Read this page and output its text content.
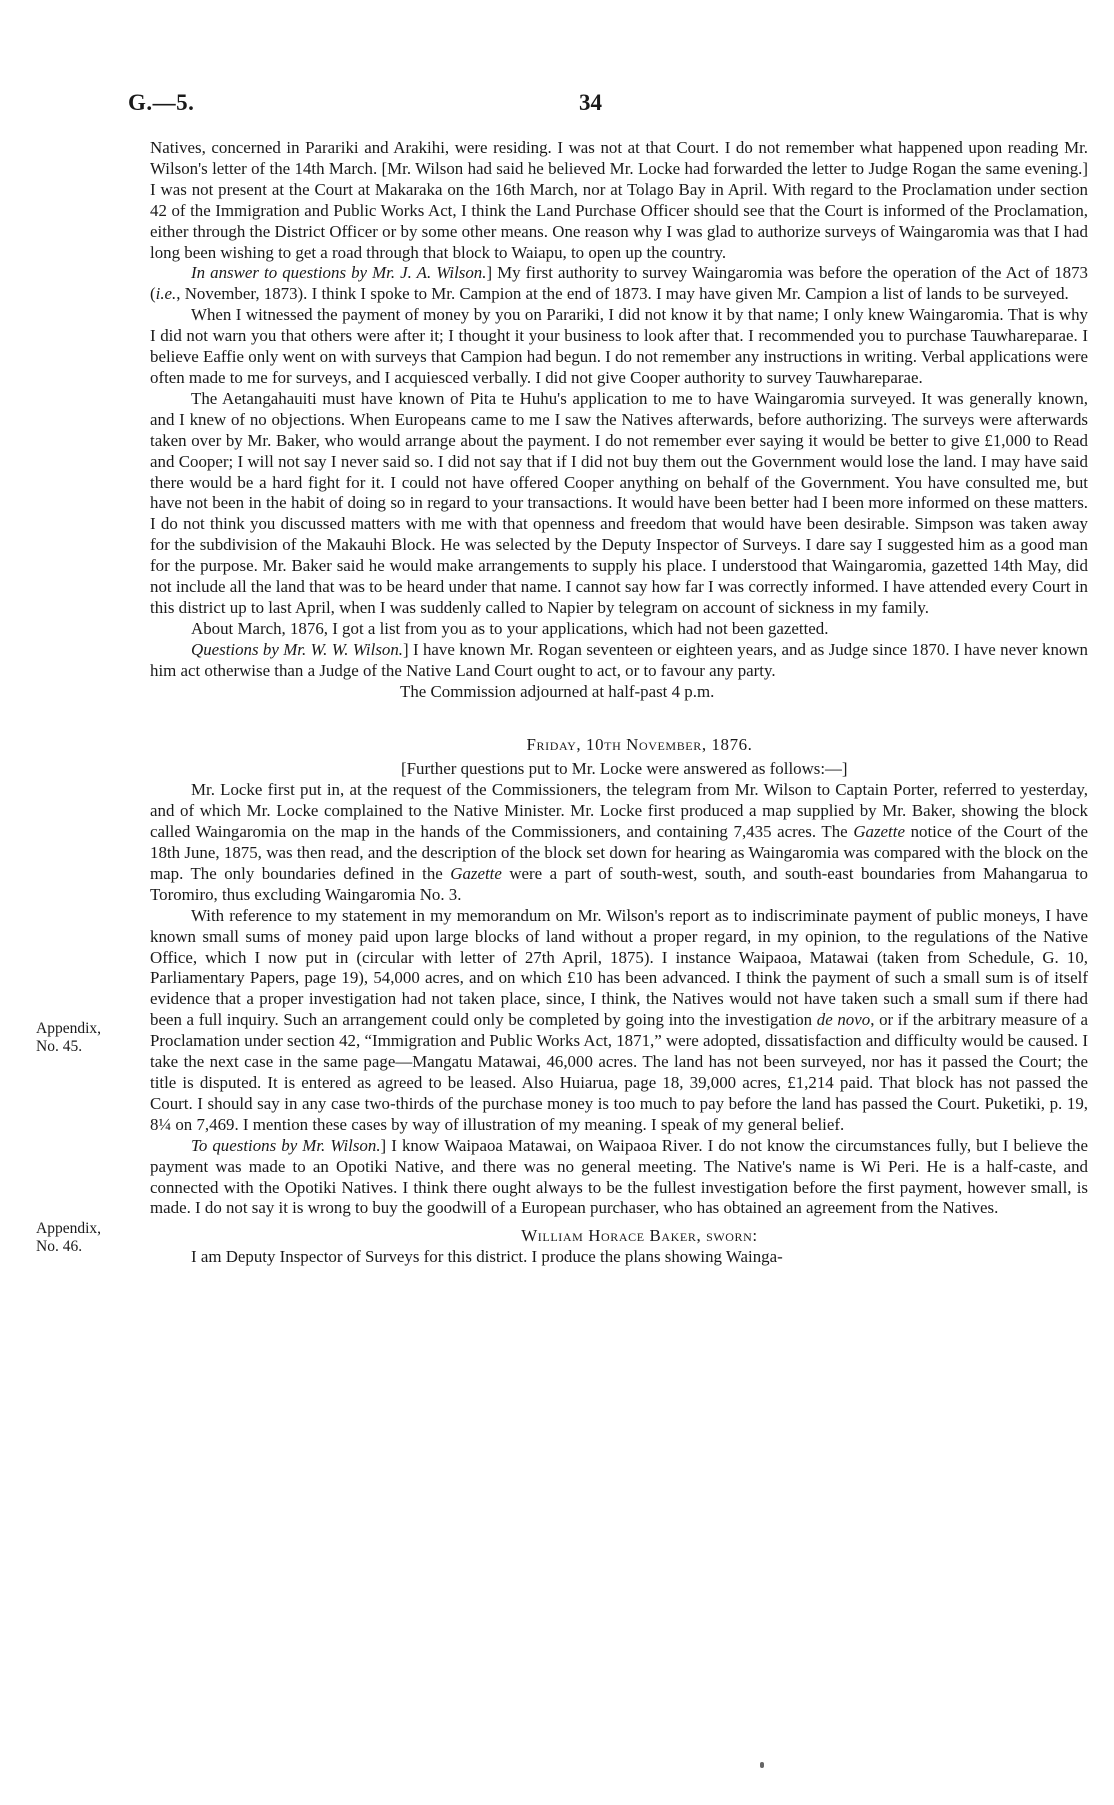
G.—5.	34
Appendix,
No. 45.
Appendix,
No. 46.

Natives, concerned in Parariki and Arakihi, were residing. I was not at that Court. I do not remember what happened upon reading Mr. Wilson's letter of the 14th March. [Mr. Wilson had said he believed Mr. Locke had forwarded the letter to Judge Rogan the same evening.] I was not present at the Court at Makaraka on the 16th March, nor at Tolago Bay in April. With regard to the Proclamation under section 42 of the Immigration and Public Works Act, I think the Land Purchase Officer should see that the Court is informed of the Proclamation, either through the District Officer or by some other means. One reason why I was glad to authorize surveys of Waingaromia was that I had long been wishing to get a road through that block to Waiapu, to open up the country.

In answer to questions by Mr. J. A. Wilson.] My first authority to survey Waingaromia was before the operation of the Act of 1873 (i.e., November, 1873). I think I spoke to Mr. Campion at the end of 1873. I may have given Mr. Campion a list of lands to be surveyed.

When I witnessed the payment of money by you on Parariki, I did not know it by that name; I only knew Waingaromia. That is why I did not warn you that others were after it; I thought it your business to look after that. I recommended you to purchase Tauwhareparae. I believe Eaffie only went on with surveys that Campion had begun. I do not remember any instructions in writing. Verbal applications were often made to me for surveys, and I acquiesced verbally. I did not give Cooper authority to survey Tauwhareparae.

The Aetangahauiti must have known of Pita te Huhu's application to me to have Waingaromia surveyed. It was generally known, and I knew of no objections. When Europeans came to me I saw the Natives afterwards, before authorizing. The surveys were afterwards taken over by Mr. Baker, who would arrange about the payment. I do not remember ever saying it would be better to give £1,000 to Read and Cooper; I will not say I never said so. I did not say that if I did not buy them out the Government would lose the land. I may have said there would be a hard fight for it. I could not have offered Cooper anything on behalf of the Government. You have consulted me, but have not been in the habit of doing so in regard to your transactions. It would have been better had I been more informed on these matters. I do not think you discussed matters with me with that openness and freedom that would have been desirable. Simpson was taken away for the subdivision of the Makauhi Block. He was selected by the Deputy Inspector of Surveys. I dare say I suggested him as a good man for the purpose. Mr. Baker said he would make arrangements to supply his place. I understood that Waingaromia, gazetted 14th May, did not include all the land that was to be heard under that name. I cannot say how far I was correctly informed. I have attended every Court in this district up to last April, when I was suddenly called to Napier by telegram on account of sickness in my family.

About March, 1876, I got a list from you as to your applications, which had not been gazetted.

Questions by Mr. W. W. Wilson.] I have known Mr. Rogan seventeen or eighteen years, and as Judge since 1870. I have never known him act otherwise than a Judge of the Native Land Court ought to act, or to favour any party.

The Commission adjourned at half-past 4 p.m.

Friday, 10th November, 1876.

[Further questions put to Mr. Locke were answered as follows:—]

Mr. Locke first put in, at the request of the Commissioners, the telegram from Mr. Wilson to Captain Porter, referred to yesterday, and of which Mr. Locke complained to the Native Minister. Mr. Locke first produced a map supplied by Mr. Baker, showing the block called Waingaromia on the map in the hands of the Commissioners, and containing 7,435 acres. The Gazette notice of the Court of the 18th June, 1875, was then read, and the description of the block set down for hearing as Waingaromia was compared with the block on the map. The only boundaries defined in the Gazette were a part of south-west, south, and south-east boundaries from Mahangarua to Toromiro, thus excluding Waingaromia No. 3.

With reference to my statement in my memorandum on Mr. Wilson's report as to indiscriminate payment of public moneys, I have known small sums of money paid upon large blocks of land without a proper regard, in my opinion, to the regulations of the Native Office, which I now put in (circular with letter of 27th April, 1875). I instance Waipaoa, Matawai (taken from Schedule, G. 10, Parliamentary Papers, page 19), 54,000 acres, and on which £10 has been advanced. I think the payment of such a small sum is of itself evidence that a proper investigation had not taken place, since, I think, the Natives would not have taken such a small sum if there had been a full inquiry. Such an arrangement could only be completed by going into the investigation de novo, or if the arbitrary measure of a Proclamation under section 42, “Immigration and Public Works Act, 1871,” were adopted, dissatisfaction and difficulty would be caused. I take the next case in the same page—Mangatu Matawai, 46,000 acres. The land has not been surveyed, nor has it passed the Court; the title is disputed. It is entered as agreed to be leased. Also Huiarua, page 18, 39,000 acres, £1,214 paid. That block has not passed the Court. I should say in any case two-thirds of the purchase money is too much to pay before the land has passed the Court. Puketiki, p. 19, 8¼ on 7,469. I mention these cases by way of illustration of my meaning. I speak of my general belief.

To questions by Mr. Wilson.] I know Waipaoa Matawai, on Waipaoa River. I do not know the circumstances fully, but I believe the payment was made to an Opotiki Native, and there was no general meeting. The Native's name is Wi Peri. He is a half-caste, and connected with the Opotiki Natives. I think there ought always to be the fullest investigation before the first payment, however small, is made. I do not say it is wrong to buy the goodwill of a European purchaser, who has obtained an agreement from the Natives.

William Horace Baker, sworn:

I am Deputy Inspector of Surveys for this district. I produce the plans showing Wainga-
